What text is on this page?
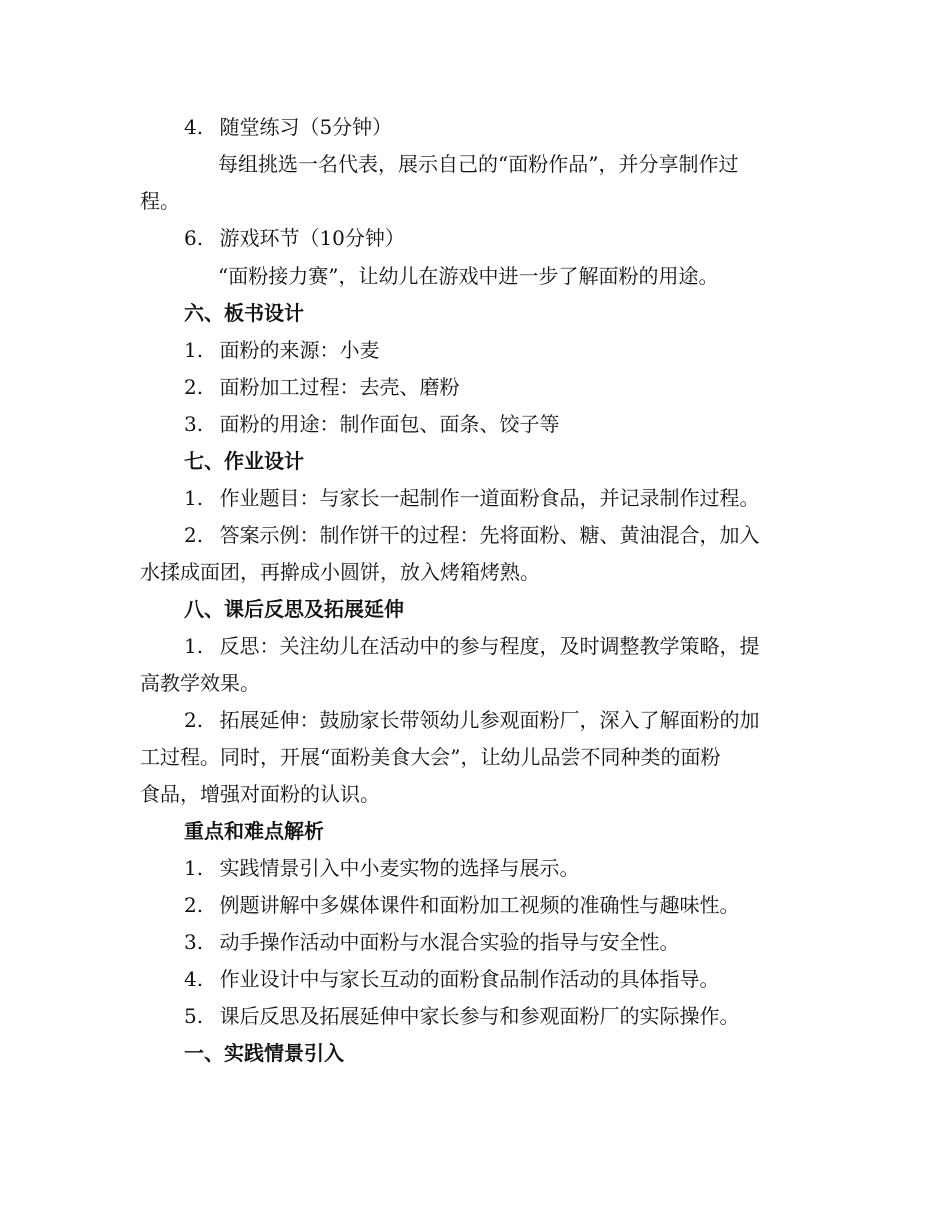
4. 随堂练习（5分钟）
每组挑选一名代表，展示自己的“面粉作品”，并分享制作过
程。
6. 游戏环节（10分钟）
“面粉接力赛”，让幼儿在游戏中进一步了解面粉的用途。
六、板书设计
1. 面粉的来源：小麦
2. 面粉加工过程：去壳、磨粉
3. 面粉的用途：制作面包、面条、饺子等
七、作业设计
1. 作业题目：与家长一起制作一道面粉食品，并记录制作过程。
2. 答案示例：制作饼干的过程：先将面粉、糖、黄油混合，加入
水揉成面团，再擀成小圆饼，放入烤箱烤熟。
八、课后反思及拓展延伸
1. 反思：关注幼儿在活动中的参与程度，及时调整教学策略，提
高教学效果。
2. 拓展延伸：鼓励家长带领幼儿参观面粉厂，深入了解面粉的加
工过程。同时，开展“面粉美食大会”，让幼儿品尝不同种类的面粉
食品，增强对面粉的认识。
重点和难点解析
1. 实践情景引入中小麦实物的选择与展示。
2. 例题讲解中多媒体课件和面粉加工视频的准确性与趣味性。
3. 动手操作活动中面粉与水混合实验的指导与安全性。
4. 作业设计中与家长互动的面粉食品制作活动的具体指导。
5. 课后反思及拓展延伸中家长参与和参观面粉厂的实际操作。
一、实践情景引入
